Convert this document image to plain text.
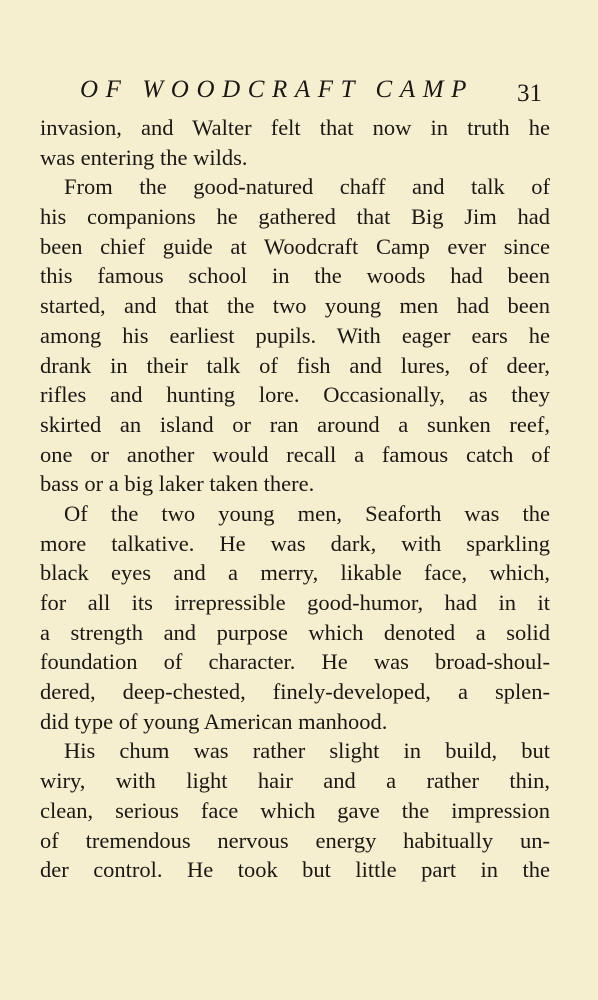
OF WOODCRAFT CAMP 31
invasion, and Walter felt that now in truth he
was entering the wilds.
From the good-natured chaff and talk of
his companions he gathered that Big Jim had
been chief guide at Woodcraft Camp ever since
this famous school in the woods had been
started, and that the two young men had been
among his earliest pupils. With eager ears he
drank in their talk of fish and lures, of deer,
rifles and hunting lore. Occasionally, as they
skirted an island or ran around a sunken reef,
one or another would recall a famous catch of
bass or a big laker taken there.
Of the two young men, Seaforth was the
more talkative. He was dark, with sparkling
black eyes and a merry, likable face, which,
for all its irrepressible good-humor, had in it
a strength and purpose which denoted a solid
foundation of character. He was broad-shoul-
dered, deep-chested, finely-developed, a splen-
did type of young American manhood.
His chum was rather slight in build, but
wiry, with light hair and a rather thin,
clean, serious face which gave the impression
of tremendous nervous energy habitually un-
der control. He took but little part in the
